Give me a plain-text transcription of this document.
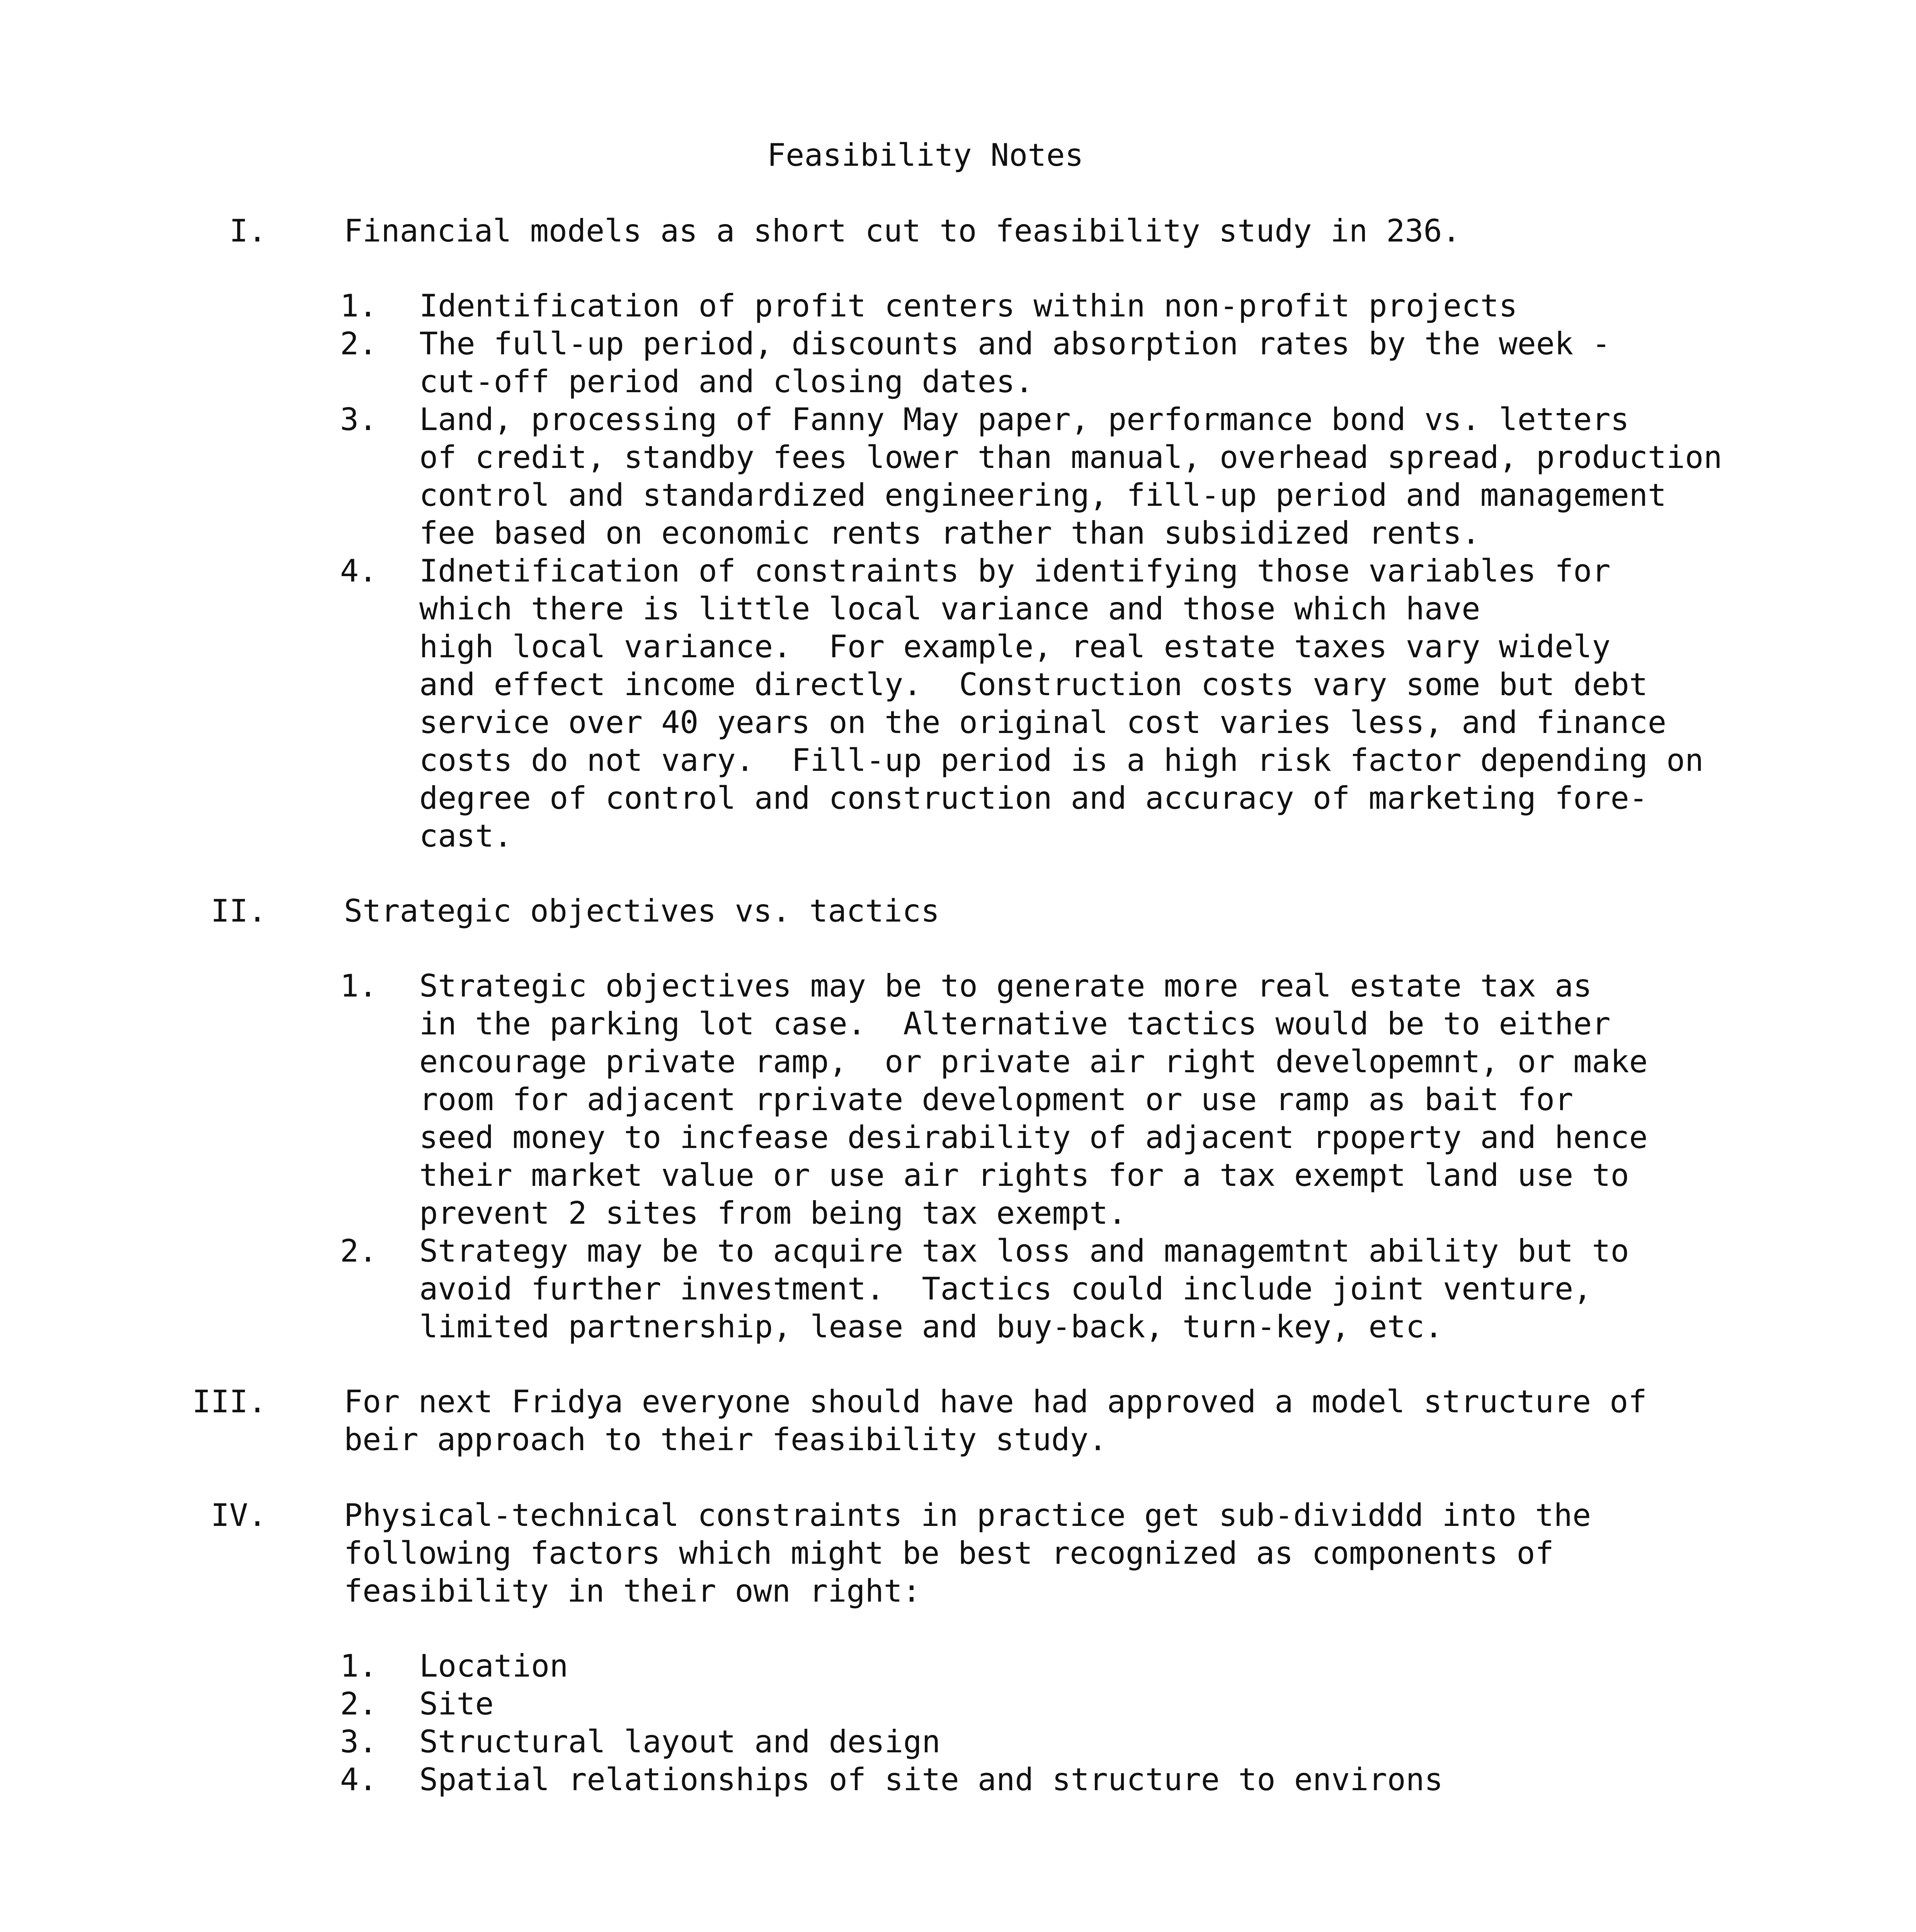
Feasibility Notes
I.	Financial models as a short cut to feasibility study in 236.
1. Identification of profit centers within non-profit projects
2. The full-up period, discounts and absorption rates by the week -
cut-off period and closing dates.
3. Land, processing of Fanny May paper, performance bond vs. letters
of credit, standby fees lower than manual, overhead spread, production
control and standardized engineering, fill-up period and management
fee based on economic rents rather than subsidized rents.
4. Idnetification of constraints by identifying those variables for
which there is little local variance and those which have
high local variance.  For example, real estate taxes vary widely
and effect income directly.  Construction costs vary some but debt
service over 40 years on the original cost varies less, and finance
costs do not vary.  Fill-up period is a high risk factor depending on
degree of control and construction and accuracy of marketing fore-
cast.
II.	Strategic objectives vs. tactics
1. Strategic objectives may be to generate more real estate tax as
in the parking lot case.  Alternative tactics would be to either
encourage private ramp,  or private air right developemnt, or make
room for adjacent rprivate development or use ramp as bait for
seed money to incfease desirability of adjacent rpoperty and hence
their market value or use air rights for a tax exempt land use to
prevent 2 sites from being tax exempt.
2. Strategy may be to acquire tax loss and managemtnt ability but to
avoid further investment.  Tactics could include joint venture,
limited partnership, lease and buy-back, turn-key, etc.
III.	For next Fridya everyone should have had approved a model structure of
beir approach to their feasibility study.
IV.	Physical-technical constraints in practice get sub-dividdd into the
following factors which might be best recognized as components of
feasibility in their own right:
1. Location
2. Site
3. Structural layout and design
4. Spatial relationships of site and structure to environs
